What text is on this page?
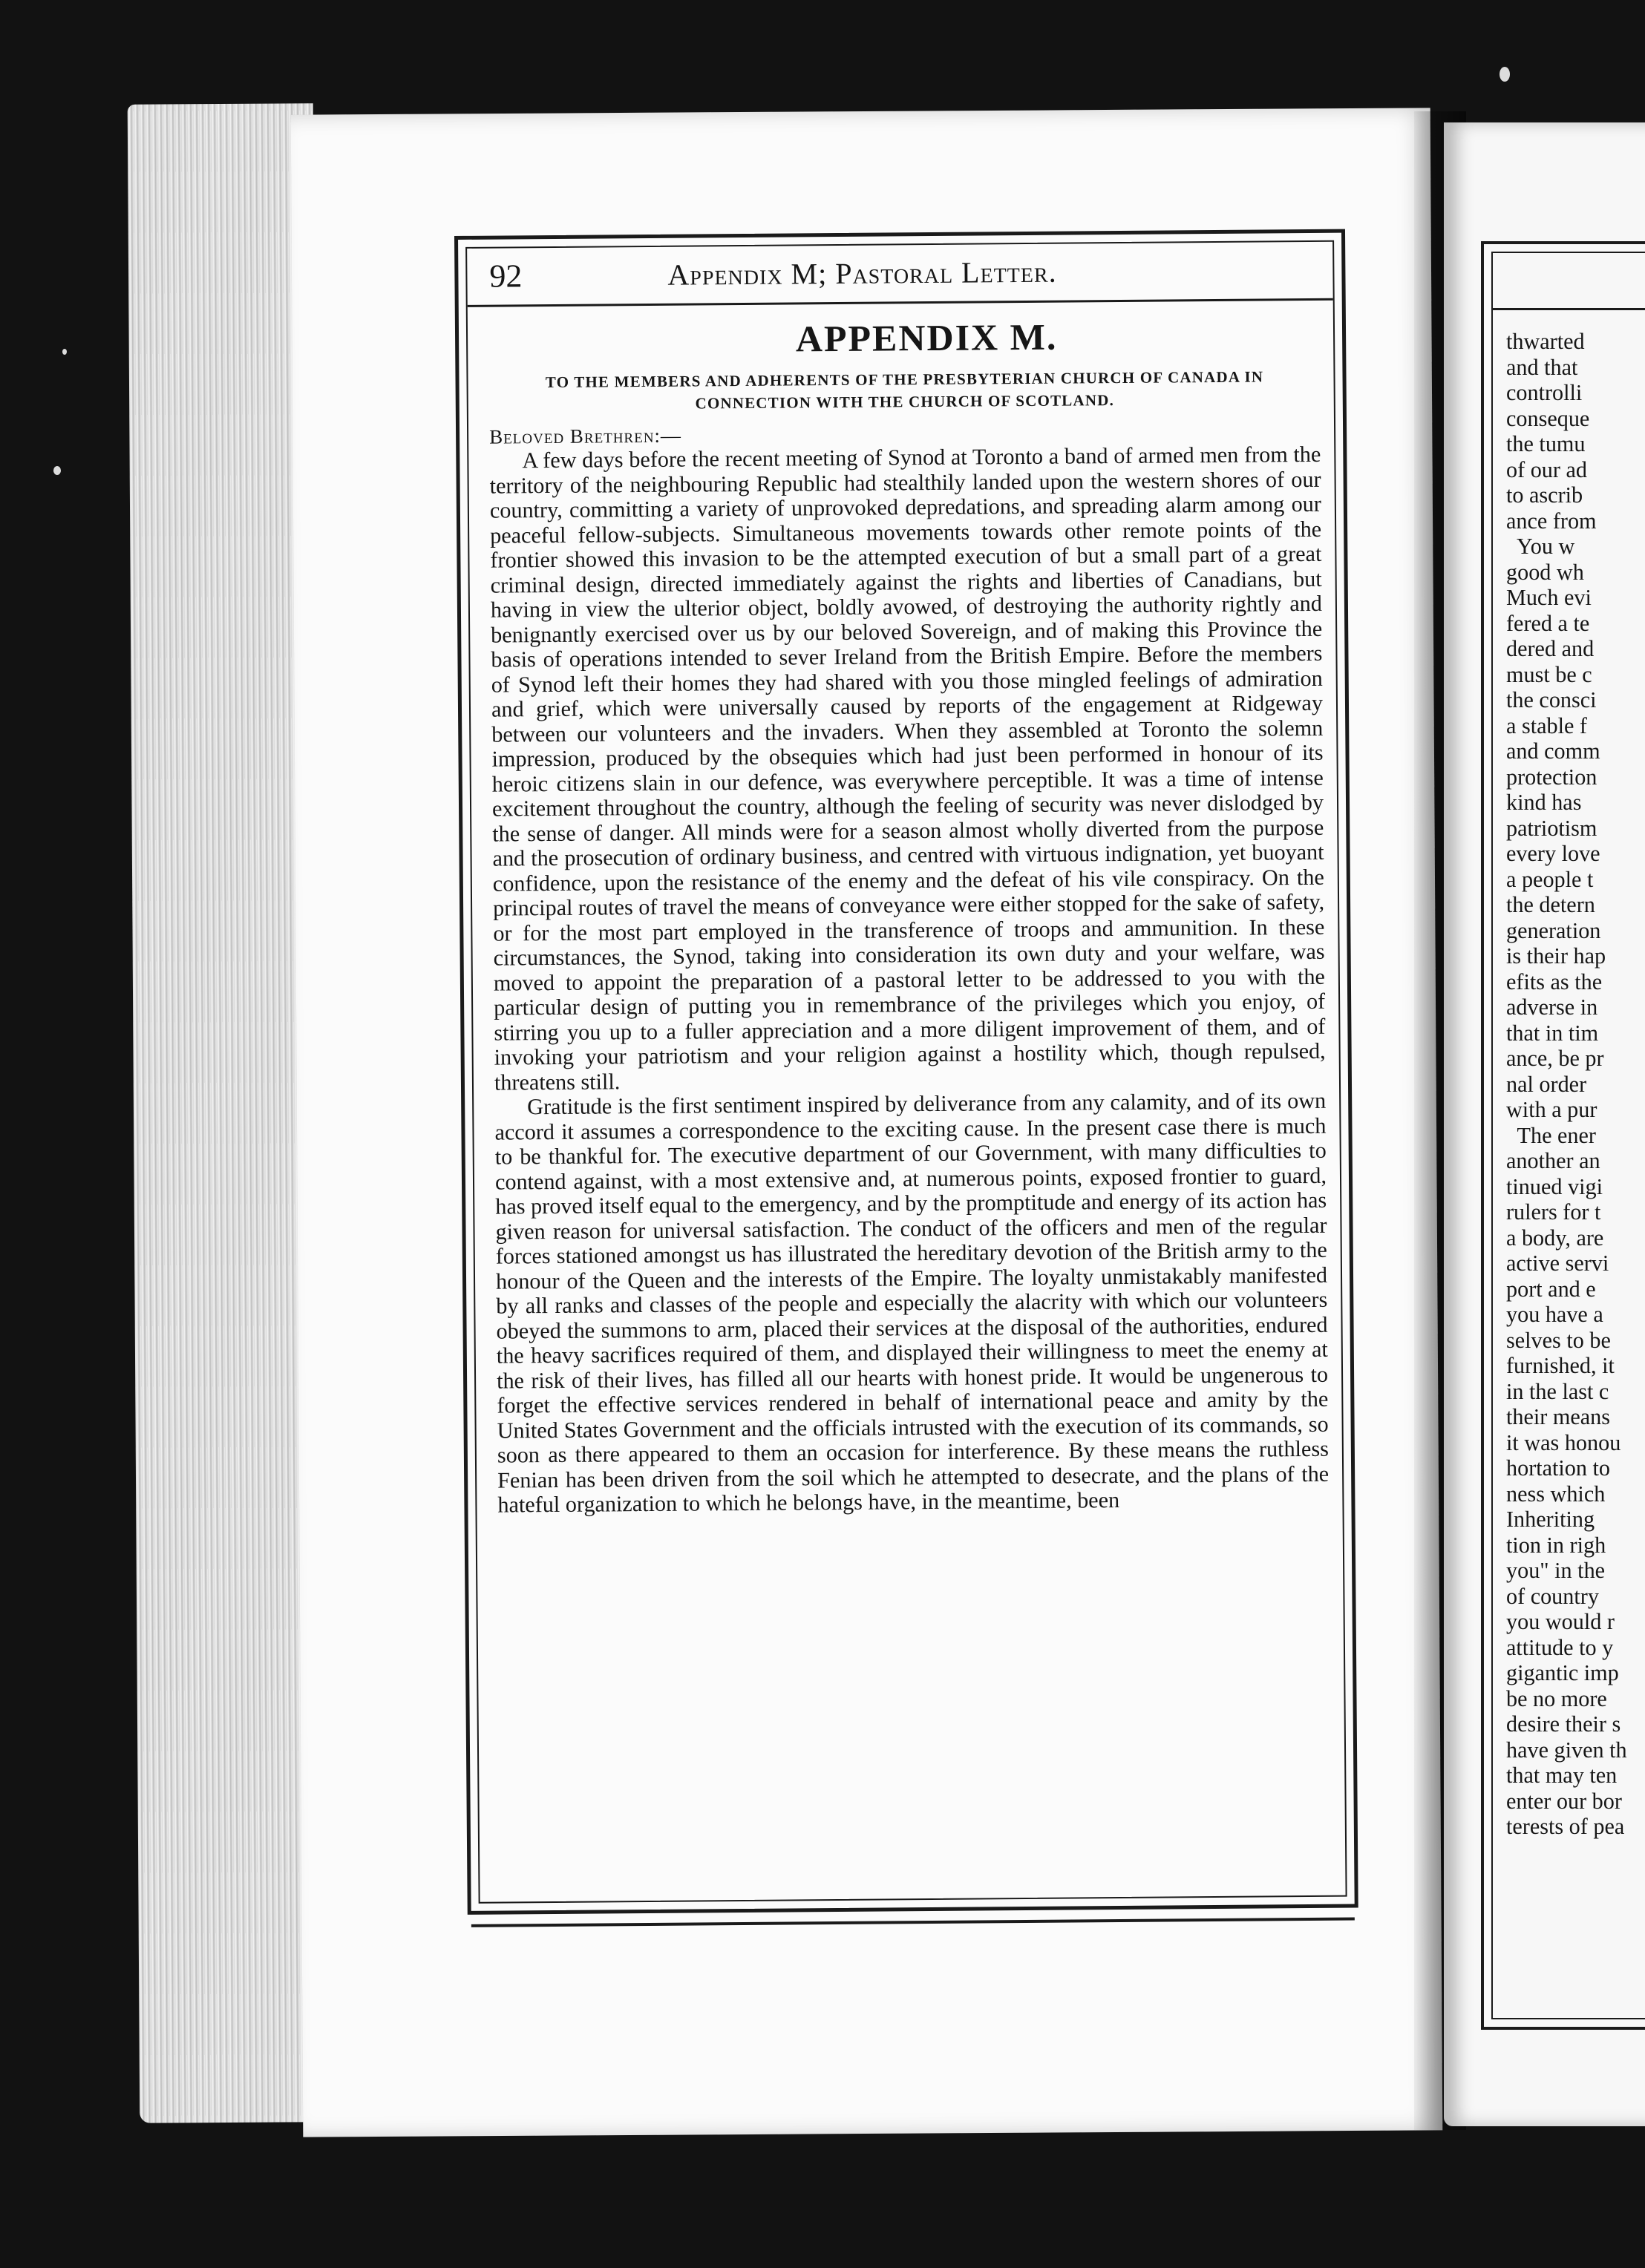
thwarted
and that
controlli
conseque
the tumu
of our ad
to ascrib
ance from
You w
good wh
Much evi
fered a te
dered and
must be c
the consci
a stable f
and comm
protection
kind has
patriotism
every love
a people t
the detern
generation
is their hap
efits as the
adverse in
that in tim
ance, be pr
nal order
with a pur
The ener
another an
tinued vigi
rulers for t
a body, are
active servi
port and e
you have a
selves to be
furnished, it
in the last c
their means
it was honou
hortation to
ness which
Inheriting
tion in righ
you" in the
of country
you would r
attitude to y
gigantic imp
be no more
desire their s
have given th
that may ten
enter our bor
terests of pea
92	Appendix M; Pastoral Letter.
APPENDIX M.

TO THE MEMBERS AND ADHERENTS OF THE PRESBYTERIAN CHURCH OF CANADA IN CONNECTION WITH THE CHURCH OF SCOTLAND.

Beloved Brethren:—

A few days before the recent meeting of Synod at Toronto a band of armed men from the territory of the neighbouring Republic had stealthily landed upon the western shores of our country, committing a variety of unprovoked depredations, and spreading alarm among our peaceful fellow-subjects. Simultaneous movements towards other remote points of the frontier showed this invasion to be the attempted execution of but a small part of a great criminal design, directed immediately against the rights and liberties of Canadians, but having in view the ulterior object, boldly avowed, of destroying the authority rightly and benignantly exercised over us by our beloved Sovereign, and of making this Province the basis of operations intended to sever Ireland from the British Empire. Before the members of Synod left their homes they had shared with you those mingled feelings of admiration and grief, which were universally caused by reports of the engagement at Ridgeway between our volunteers and the invaders. When they assembled at Toronto the solemn impression, produced by the obsequies which had just been performed in honour of its heroic citizens slain in our defence, was everywhere perceptible. It was a time of intense excitement throughout the country, although the feeling of security was never dislodged by the sense of danger. All minds were for a season almost wholly diverted from the purpose and the prosecution of ordinary business, and centred with virtuous indignation, yet buoyant confidence, upon the resistance of the enemy and the defeat of his vile conspiracy. On the principal routes of travel the means of conveyance were either stopped for the sake of safety, or for the most part employed in the transference of troops and ammunition. In these circumstances, the Synod, taking into consideration its own duty and your welfare, was moved to appoint the preparation of a pastoral letter to be addressed to you with the particular design of putting you in remembrance of the privileges which you enjoy, of stirring you up to a fuller appreciation and a more diligent improvement of them, and of invoking your patriotism and your religion against a hostility which, though repulsed, threatens still.

Gratitude is the first sentiment inspired by deliverance from any calamity, and of its own accord it assumes a correspondence to the exciting cause. In the present case there is much to be thankful for. The executive department of our Government, with many difficulties to contend against, with a most extensive and, at numerous points, exposed frontier to guard, has proved itself equal to the emergency, and by the promptitude and energy of its action has given reason for universal satisfaction. The conduct of the officers and men of the regular forces stationed amongst us has illustrated the hereditary devotion of the British army to the honour of the Queen and the interests of the Empire. The loyalty unmistakably manifested by all ranks and classes of the people and especially the alacrity with which our volunteers obeyed the summons to arm, placed their services at the disposal of the authorities, endured the heavy sacrifices required of them, and displayed their willingness to meet the enemy at the risk of their lives, has filled all our hearts with honest pride. It would be ungenerous to forget the effective services rendered in behalf of international peace and amity by the United States Government and the officials intrusted with the execution of its commands, so soon as there appeared to them an occasion for interference. By these means the ruthless Fenian has been driven from the soil which he attempted to desecrate, and the plans of the hateful organization to which he belongs have, in the meantime, been
